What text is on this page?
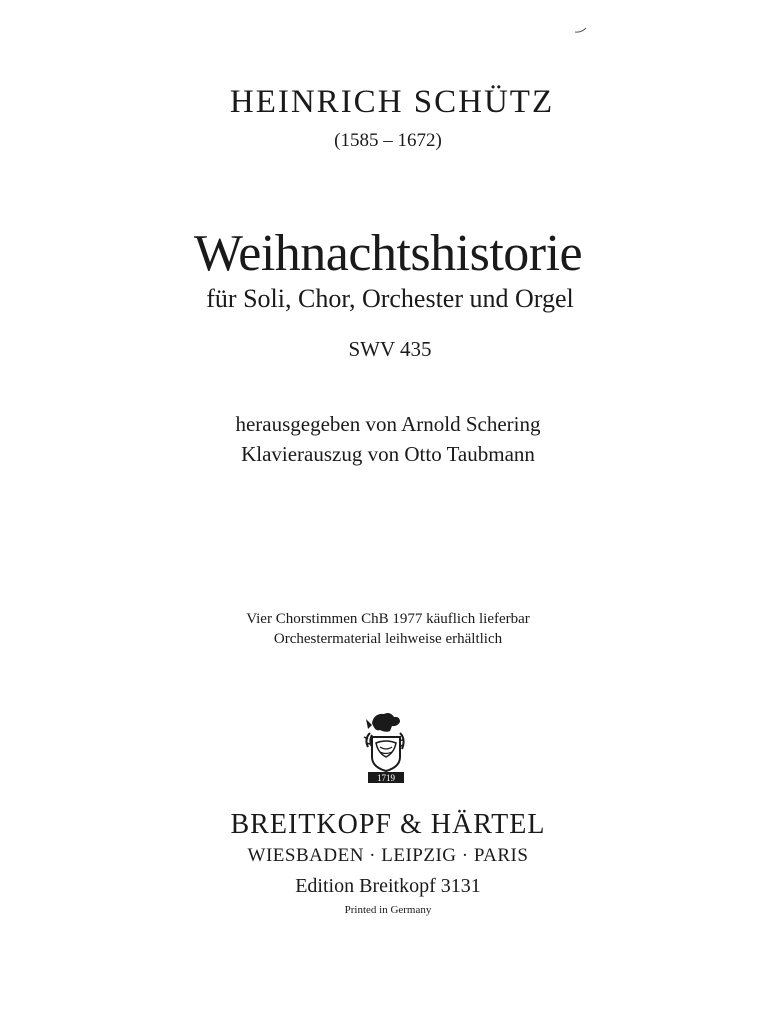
HEINRICH SCHÜTZ
(1585 – 1672)
Weihnachtshistorie
für Soli, Chor, Orchester und Orgel
SWV 435
herausgegeben von Arnold Schering
Klavierauszug von Otto Taubmann
Vier Chorstimmen ChB 1977 käuflich lieferbar
Orchestermaterial leihweise erhältlich
1719
BREITKOPF & HÄRTEL
WIESBADEN · LEIPZIG · PARIS
Edition Breitkopf 3131
Printed in Germany
